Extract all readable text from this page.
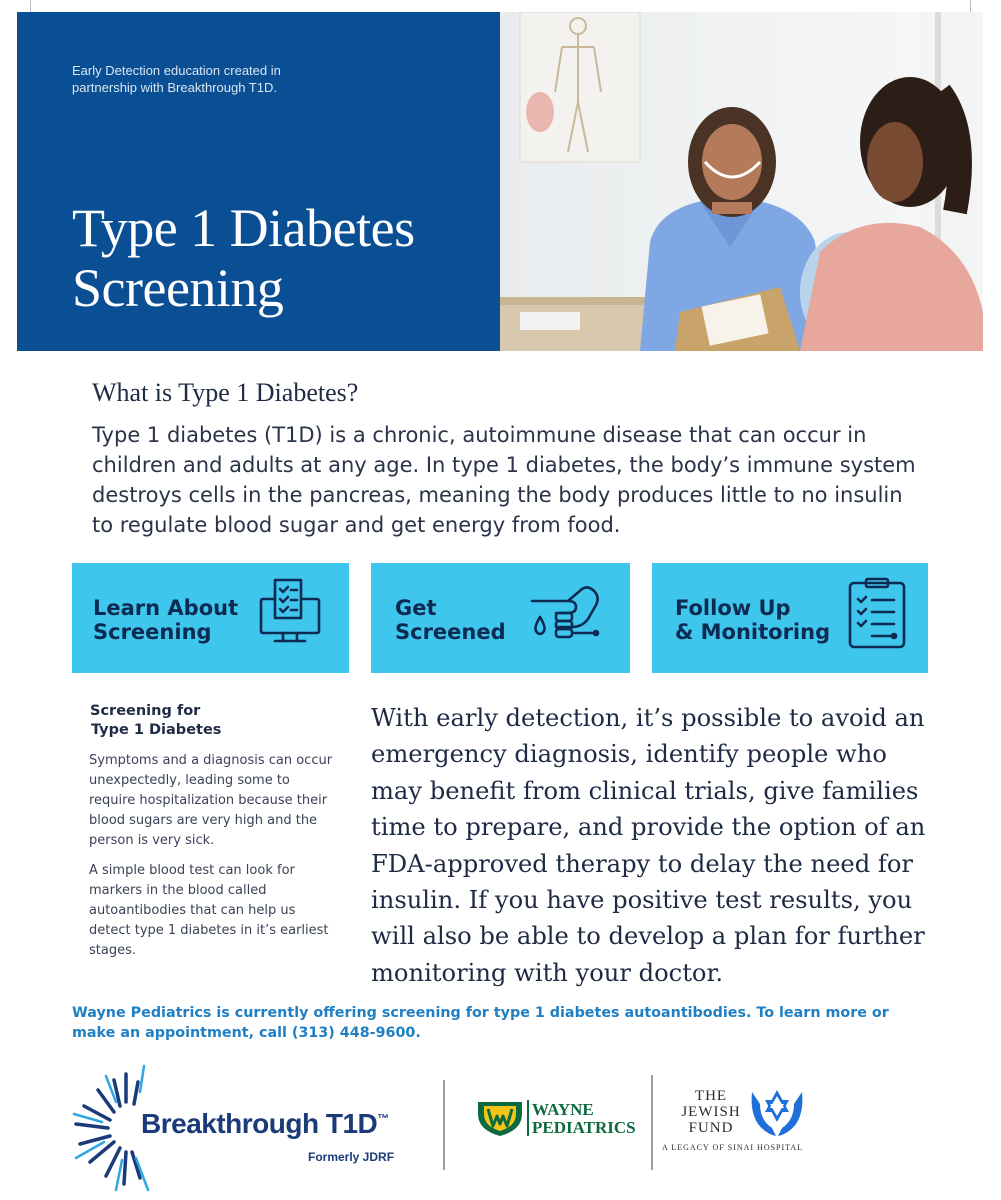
Early Detection education created in partnership with Breakthrough T1D.
Type 1 Diabetes
Screening
What is Type 1 Diabetes?
Type 1 diabetes (T1D) is a chronic, autoimmune disease that can occur in children and adults at any age. In type 1 diabetes, the body’s immune system destroys cells in the pancreas, meaning the body produces little to no insulin to regulate blood sugar and get energy from food.
Learn About
Screening
Get
Screened
Follow Up
& Monitoring
Screening for
Type 1 Diabetes
Symptoms and a diagnosis can occur unexpectedly, leading some to require hospitalization because their blood sugars are very high and the person is very sick.
A simple blood test can look for markers in the blood called autoantibodies that can help us detect type 1 diabetes in it’s earliest stages.
With early detection, it’s possible to avoid an emergency diagnosis, identify people who may benefit from clinical trials, give families time to prepare, and provide the option of an FDA-approved therapy to delay the need for insulin. If you have positive test results, you will also be able to develop a plan for further monitoring with your doctor.
Wayne Pediatrics is currently offering screening for type 1 diabetes autoantibodies. To learn more or make an appointment, call (313) 448-9600.
Breakthrough T1D™
Formerly JDRF
WAYNE
PEDIATRICS
THE
JEWISH
FUND
A LEGACY OF SINAI HOSPITAL
